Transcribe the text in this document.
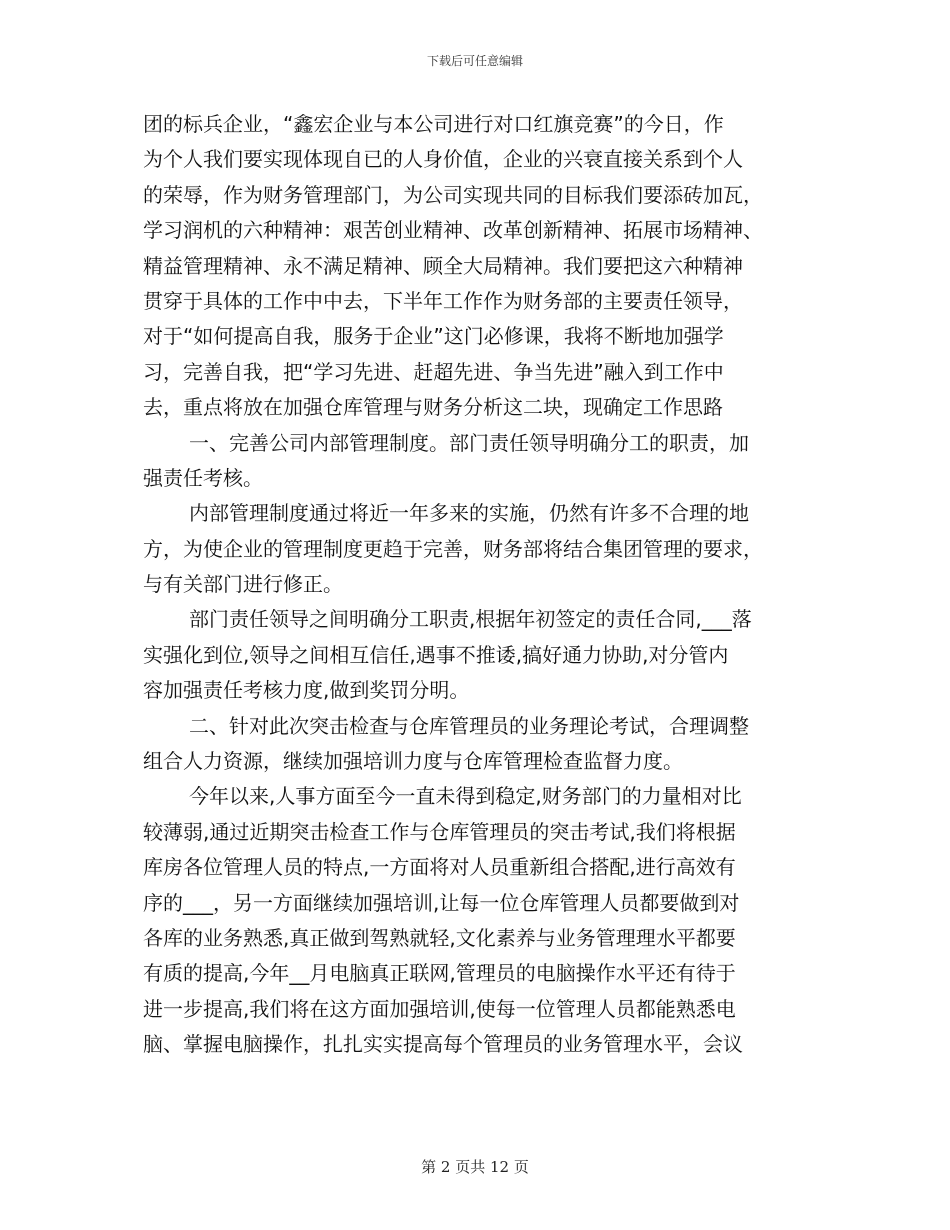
下载后可任意编辑
团的标兵企业，“鑫宏企业与本公司进行对口红旗竞赛”的今日，作
为个人我们要实现体现自已的人身价值，企业的兴衰直接关系到个人
的荣辱，作为财务管理部门，为公司实现共同的目标我们要添砖加瓦，
学习润机的六种精神：艰苦创业精神、改革创新精神、拓展市场精神、
精益管理精神、永不满足精神、顾全大局精神。我们要把这六种精神
贯穿于具体的工作中中去，下半年工作作为财务部的主要责任领导，
对于“如何提高自我，服务于企业”这门必修课，我将不断地加强学
习，完善自我，把“学习先进、赶超先进、争当先进”融入到工作中
去，重点将放在加强仓库管理与财务分析这二块，现确定工作思路
一、完善公司内部管理制度。部门责任领导明确分工的职责，加
强责任考核。
内部管理制度通过将近一年多来的实施，仍然有许多不合理的地
方，为使企业的管理制度更趋于完善，财务部将结合集团管理的要求，
与有关部门进行修正。
部门责任领导之间明确分工职责,根据年初签定的责任合同,___落
实强化到位,领导之间相互信任,遇事不推诿,搞好通力协助,对分管内
容加强责任考核力度,做到奖罚分明。
二、针对此次突击检查与仓库管理员的业务理论考试，合理调整
组合人力资源，继续加强培训力度与仓库管理检查监督力度。
今年以来,人事方面至今一直未得到稳定,财务部门的力量相对比
较薄弱,通过近期突击检查工作与仓库管理员的突击考试,我们将根据
库房各位管理人员的特点,一方面将对人员重新组合搭配,进行高效有
序的___，另一方面继续加强培训,让每一位仓库管理人员都要做到对
各库的业务熟悉,真正做到驾熟就轻,文化素养与业务管理理水平都要
有质的提高,今年__月电脑真正联网,管理员的电脑操作水平还有待于
进一步提高,我们将在这方面加强培训,使每一位管理人员都能熟悉电
脑、掌握电脑操作，扎扎实实提高每个管理员的业务管理水平，会议
第 2 页共 12 页
